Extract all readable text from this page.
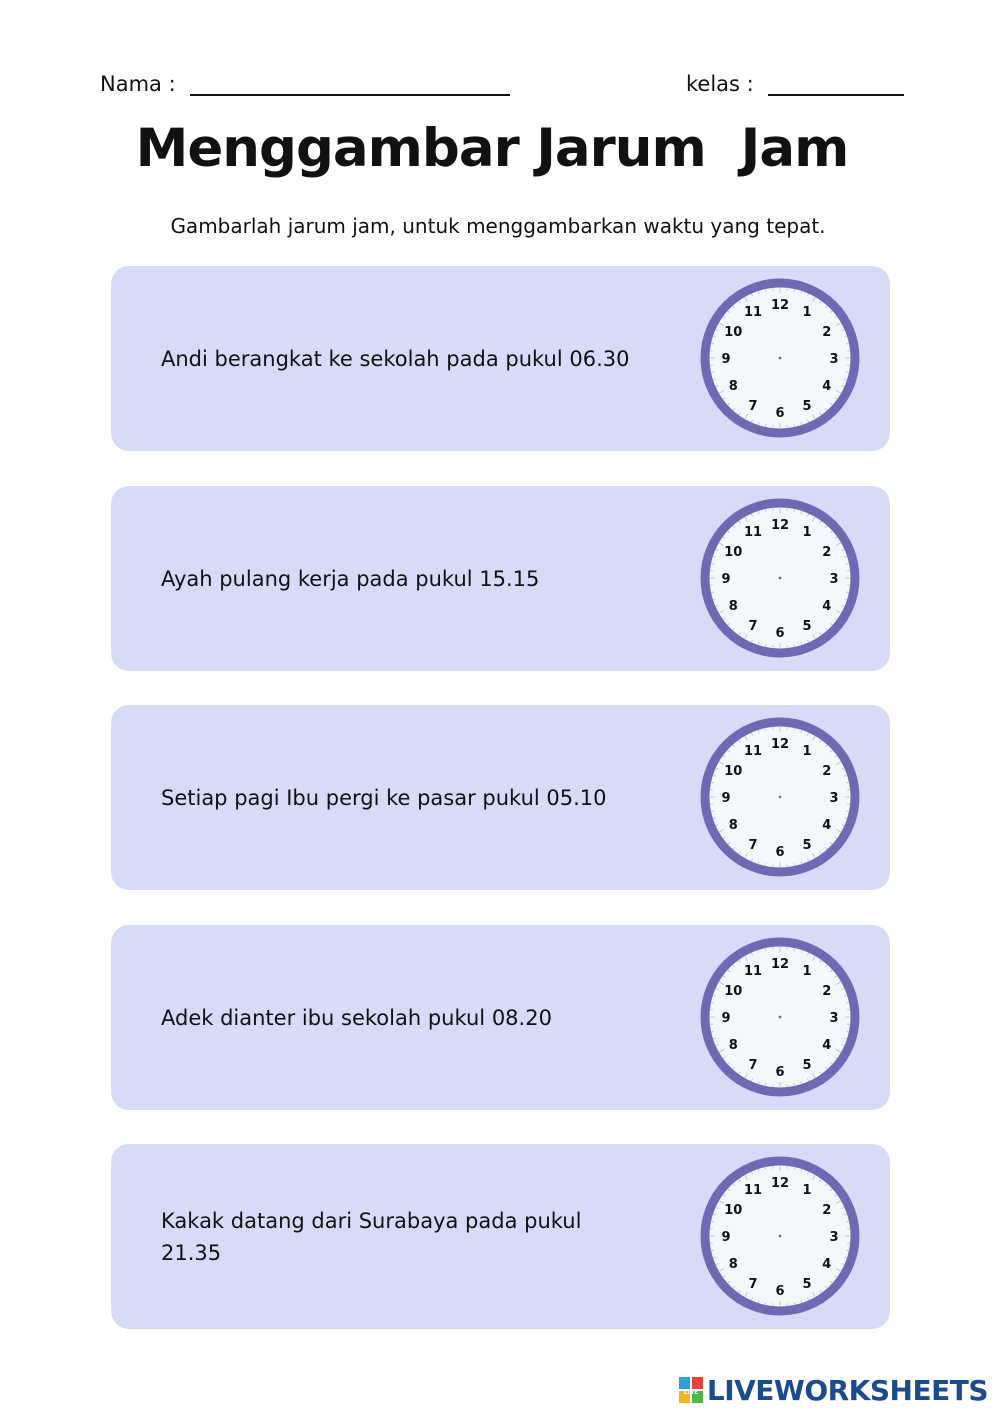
Nama :	kelas :
Menggambar Jarum  Jam
Gambarlah jarum jam, untuk menggambarkan waktu yang tepat.
Andi berangkat ke sekolah pada pukul 06.30
12 1
2
3
4
5
6
7
8
9
10
11
Ayah pulang kerja pada pukul 15.15
12 1
2
3
4
5
6
7
8
9
10
11
Setiap pagi Ibu pergi ke pasar pukul 05.10
12 1
2
3
4
5
6
7
8
9
10
11
Adek dianter ibu sekolah pukul 08.20
12 1
2
3
4
5
6
7
8
9
10
11
Kakak datang dari Surabaya pada pukul 21.35
12 1
2
3
4
5
6
7
8
9
10
11
LIVE LIVEWORKSHEETS
